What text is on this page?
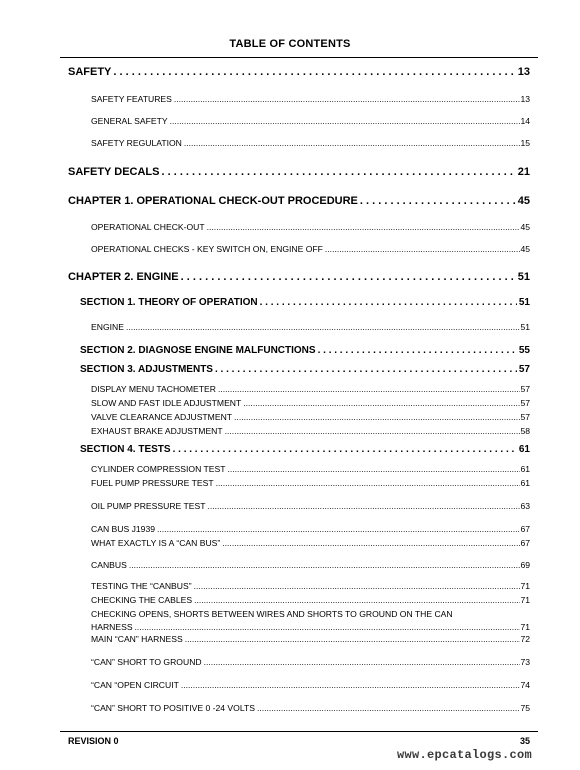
TABLE OF CONTENTS
SAFETY . . .	13
SAFETY FEATURES .....	13
GENERAL SAFETY .....	14
SAFETY REGULATION .....	15
SAFETY DECALS . . .	21
CHAPTER 1. OPERATIONAL CHECK-OUT PROCEDURE . . .	45
OPERATIONAL CHECK-OUT .....	45
OPERATIONAL CHECKS - KEY SWITCH ON, ENGINE OFF .....	45
CHAPTER 2. ENGINE . . .	51
SECTION 1. THEORY OF OPERATION . . .	51
ENGINE .....	51
SECTION 2. DIAGNOSE ENGINE MALFUNCTIONS . . .	55
SECTION 3. ADJUSTMENTS . . .	57
DISPLAY MENU TACHOMETER .....	57
SLOW AND FAST IDLE ADJUSTMENT .....	57
VALVE CLEARANCE ADJUSTMENT .....	57
EXHAUST BRAKE ADJUSTMENT .....	58
SECTION 4. TESTS . . .	61
CYLINDER COMPRESSION TEST .....	61
FUEL PUMP PRESSURE TEST .....	61
OIL PUMP PRESSURE TEST .....	63
CAN BUS J1939 .....	67
WHAT EXACTLY IS A “CAN BUS” .....	67
CANBUS .....	69
TESTING THE “CANBUS” .....	71
CHECKING THE CABLES .....	71
CHECKING OPENS, SHORTS BETWEEN WIRES AND SHORTS TO GROUND ON THE CAN
HARNESS .....	71
MAIN “CAN” HARNESS .....	72
“CAN” SHORT TO GROUND .....	73
“CAN “OPEN CIRCUIT .....	74
“CAN” SHORT TO POSITIVE 0 -24 VOLTS .....	75
REVISION 0	35
www.epcatalogs.com
